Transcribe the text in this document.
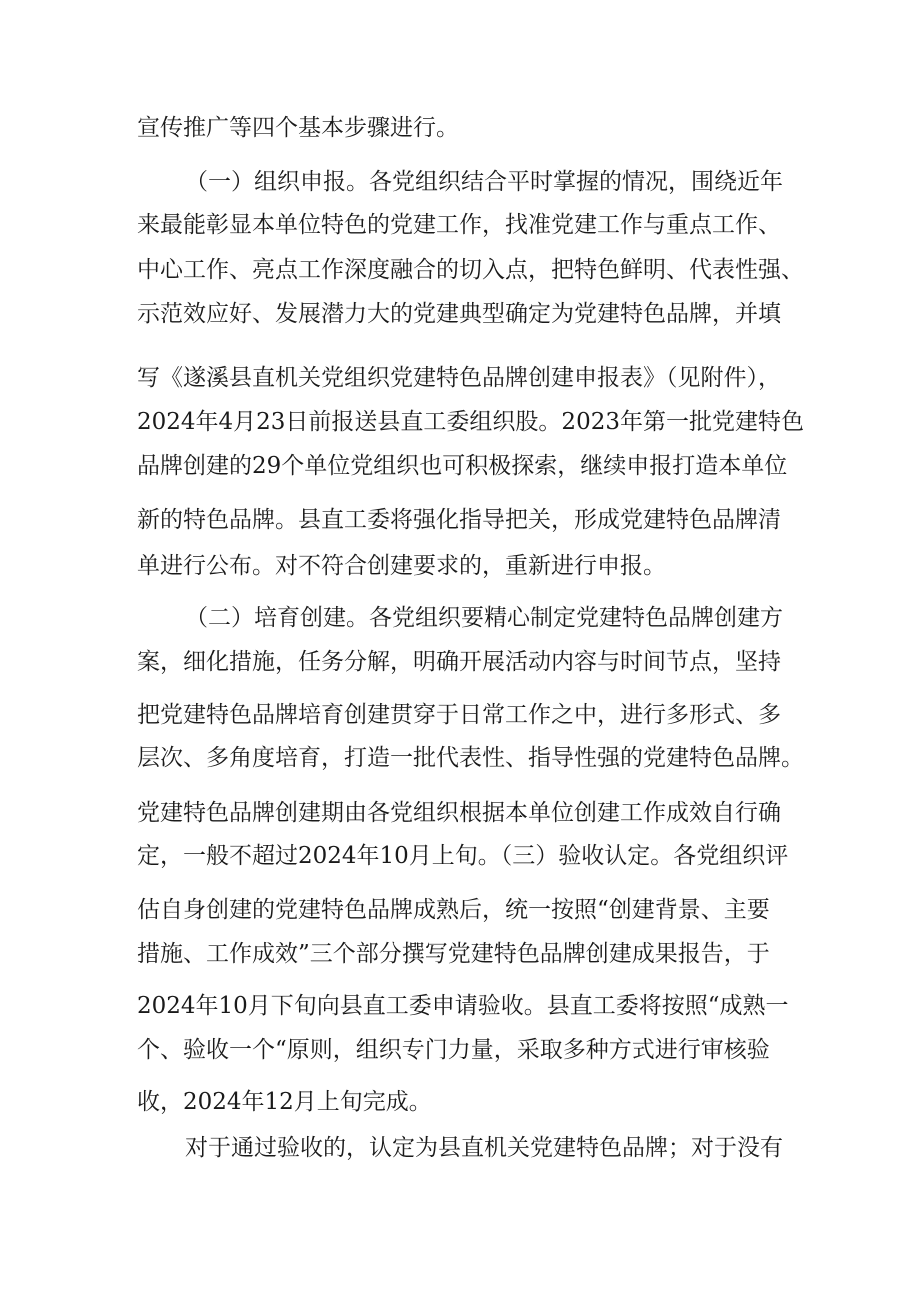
宣传推广等四个基本步骤进行。
（一）组织申报。各党组织结合平时掌握的情况，围绕近年
来最能彰显本单位特色的党建工作，找准党建工作与重点工作、
中心工作、亮点工作深度融合的切入点，把特色鲜明、代表性强、
示范效应好、发展潜力大的党建典型确定为党建特色品牌，并填
写《遂溪县直机关党组织党建特色品牌创建申报表》（见附件），
2024年4月23日前报送县直工委组织股。2023年第一批党建特色
品牌创建的29个单位党组织也可积极探索，继续申报打造本单位
新的特色品牌。县直工委将强化指导把关，形成党建特色品牌清
单进行公布。对不符合创建要求的，重新进行申报。
（二）培育创建。各党组织要精心制定党建特色品牌创建方
案，细化措施，任务分解，明确开展活动内容与时间节点，坚持
把党建特色品牌培育创建贯穿于日常工作之中，进行多形式、多
层次、多角度培育，打造一批代表性、指导性强的党建特色品牌。
党建特色品牌创建期由各党组织根据本单位创建工作成效自行确
定，一般不超过2024年10月上旬。（三）验收认定。各党组织评
估自身创建的党建特色品牌成熟后，统一按照“创建背景、主要
措施、工作成效”三个部分撰写党建特色品牌创建成果报告，于
2024年10月下旬向县直工委申请验收。县直工委将按照“成熟一
个、验收一个“原则，组织专门力量，采取多种方式进行审核验
收，2024年12月上旬完成。
对于通过验收的，认定为县直机关党建特色品牌；对于没有
